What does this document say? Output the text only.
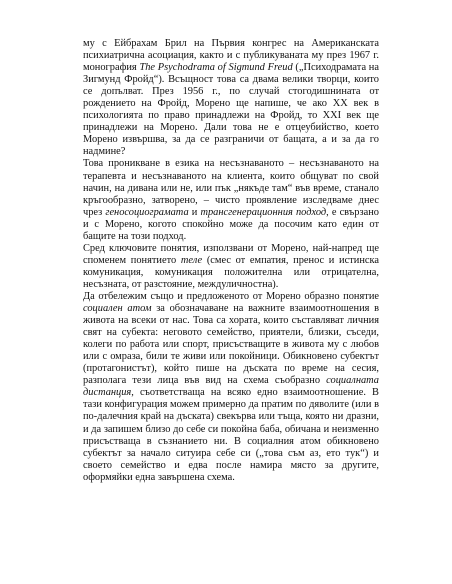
му с Ейбрахам Брил на Първия конгрес на Американската психиатрична асоциация, както и с публикуваната му през 1967 г. монография The Psychodrama of Sigmund Freud („Психодрамата на Зигмунд Фройд“). Всъщност това са двама велики творци, които се допълват. През 1956 г., по случай стогодишнината от рождението на Фройд, Морено ще напише, че ако XX век в психологията по право принадлежи на Фройд, то XXI век ще принадлежи на Морено. Дали това не е отцеубийство, което Морено извършва, за да се разграничи от бащата, а и за да го надмине?

Това проникване в езика на несъзнаваното – несъзнаваното на терапевта и несъзнаваното на клиента, които общуват по свой начин, на дивана или не, или пък „някъде там“ във време, станало кръгообразно, затворено, – чисто проявление изследваме днес чрез геносоциограмата и трансгенерационния подход, е свързано и с Морено, когото спокойно може да посочим като един от бащите на този подход.

Сред ключовите понятия, използвани от Морено, най-напред ще споменем понятието теле (смес от емпатия, пренос и истинска комуникация, комуникация положителна или отрицателна, несъзнатa, от разстояние, междуличностна).

Да отбележим също и предложеното от Морено образно понятие социален атом за обозначаване на важните взаимоотношения в живота на всеки от нас. Това са хората, които съставляват личния свят на субекта: неговото семейство, приятели, близки, съседи, колеги по работа или спорт, присъстващите в живота му с любов или с омраза, били те живи или покойници. Обикновено субектът (протагонистът), който пише на дъската по време на сесия, разполага тези лица във вид на схема съобразно социалната дистанция, съответстваща на всяко едно взаимоотношение. В тази конфигурация можем примерно да пратим по дяволите (или в по-далечния край на дъската) свекърва или тъща, която ни дразни, и да запишем близо до себе си покойна баба, обичана и неизменно присъстваща в съзнанието ни. В социалния атом обикновено субектът за начало ситуира себе си („това съм аз, ето тук“) и своето семейство и едва после намира място за другите, оформяйки една завършена схема.
